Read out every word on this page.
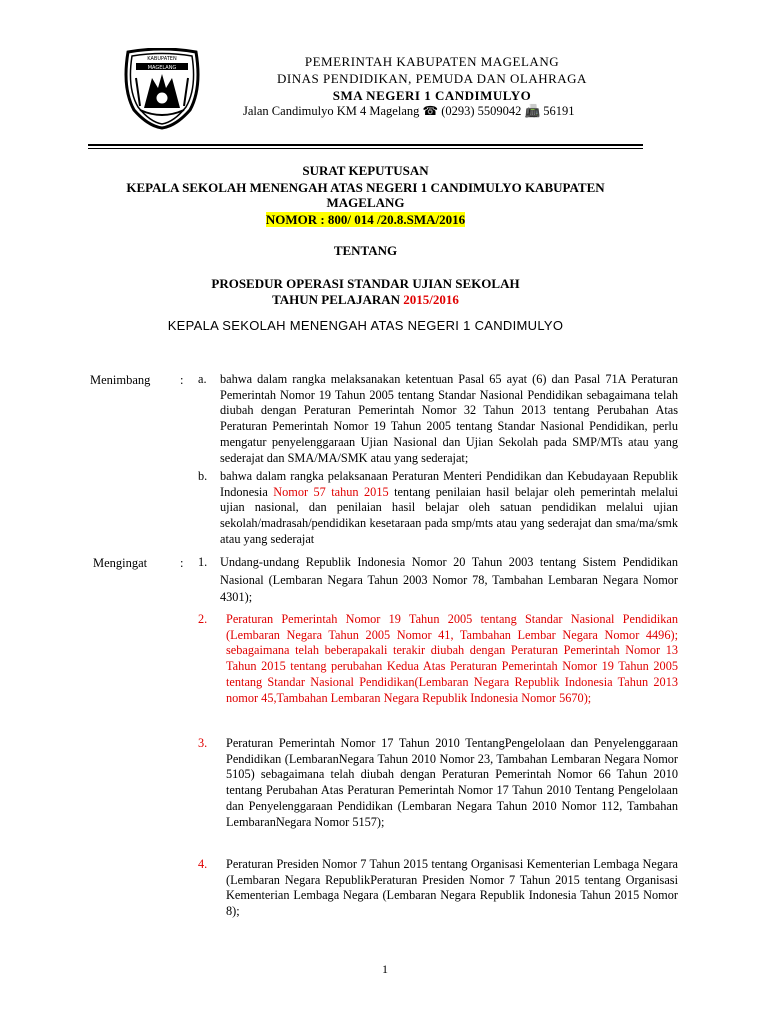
KABUPATEN
MAGELANG	PEMERINTAH KABUPATEN MAGELANG
DINAS PENDIDIKAN, PEMUDA DAN OLAHRAGA
SMA NEGERI 1 CANDIMULYO
Jalan Candimulyo KM 4 Magelang ☎ (0293) 5509042 📠 56191
SURAT KEPUTUSAN
KEPALA SEKOLAH MENENGAH ATAS NEGERI 1 CANDIMULYO KABUPATEN
MAGELANG
NOMOR : 800/ 014 /20.8.SMA/2016
TENTANG
PROSEDUR OPERASI STANDAR UJIAN SEKOLAH
TAHUN PELAJARAN 2015/2016
KEPALA SEKOLAH MENENGAH ATAS NEGERI 1 CANDIMULYO
Menimbang : a. bahwa dalam rangka melaksanakan ketentuan Pasal 65 ayat (6) dan Pasal 71A Peraturan Pemerintah Nomor 19 Tahun 2005 tentang Standar Nasional Pendidikan sebagaimana telah diubah dengan Peraturan Pemerintah Nomor 32 Tahun 2013 tentang Perubahan Atas Peraturan Pemerintah Nomor 19 Tahun 2005 tentang Standar Nasional Pendidikan, perlu mengatur penyelenggaraan Ujian Nasional dan Ujian Sekolah pada SMP/MTs atau yang sederajat dan SMA/MA/SMK atau yang sederajat;
b. bahwa dalam rangka pelaksanaan Peraturan Menteri Pendidikan dan Kebudayaan Republik Indonesia Nomor 57 tahun 2015 tentang penilaian hasil belajar oleh pemerintah melalui ujian nasional, dan penilaian hasil belajar oleh satuan pendidikan melalui ujian sekolah/madrasah/pendidikan kesetaraan pada smp/mts atau yang sederajat dan sma/ma/smk atau yang sederajat
Mengingat	: 1. Undang-undang Republik Indonesia Nomor 20 Tahun 2003 tentang Sistem Pendidikan Nasional (Lembaran Negara Tahun 2003 Nomor 78, Tambahan Lembaran Negara Nomor 4301);
2. Peraturan Pemerintah Nomor 19 Tahun 2005 tentang Standar Nasional Pendidikan (Lembaran Negara Tahun 2005 Nomor 41, Tambahan Lembar Negara Nomor 4496); sebagaimana telah beberapakali terakir diubah dengan Peraturan Pemerintah Nomor 13 Tahun 2015 tentang perubahan Kedua Atas Peraturan Pemerintah Nomor 19 Tahun 2005 tentang Standar Nasional Pendidikan(Lembaran Negara Republik Indonesia Tahun 2013 nomor 45,Tambahan Lembaran Negara Republik Indonesia Nomor 5670);
3. Peraturan Pemerintah Nomor 17 Tahun 2010 TentangPengelolaan dan Penyelenggaraan Pendidikan (LembaranNegara Tahun 2010 Nomor 23, Tambahan Lembaran Negara Nomor 5105) sebagaimana telah diubah dengan Peraturan Pemerintah Nomor 66 Tahun 2010 tentang Perubahan Atas Peraturan Pemerintah Nomor 17 Tahun 2010 Tentang Pengelolaan dan Penyelenggaraan Pendidikan (Lembaran Negara Tahun 2010 Nomor 112, Tambahan LembaranNegara Nomor 5157);
4. Peraturan Presiden Nomor 7 Tahun 2015 tentang Organisasi Kementerian Lembaga Negara (Lembaran Negara RepublikPeraturan Presiden Nomor 7 Tahun 2015 tentang Organisasi Kementerian Lembaga Negara (Lembaran Negara Republik Indonesia Tahun 2015 Nomor 8);
1
